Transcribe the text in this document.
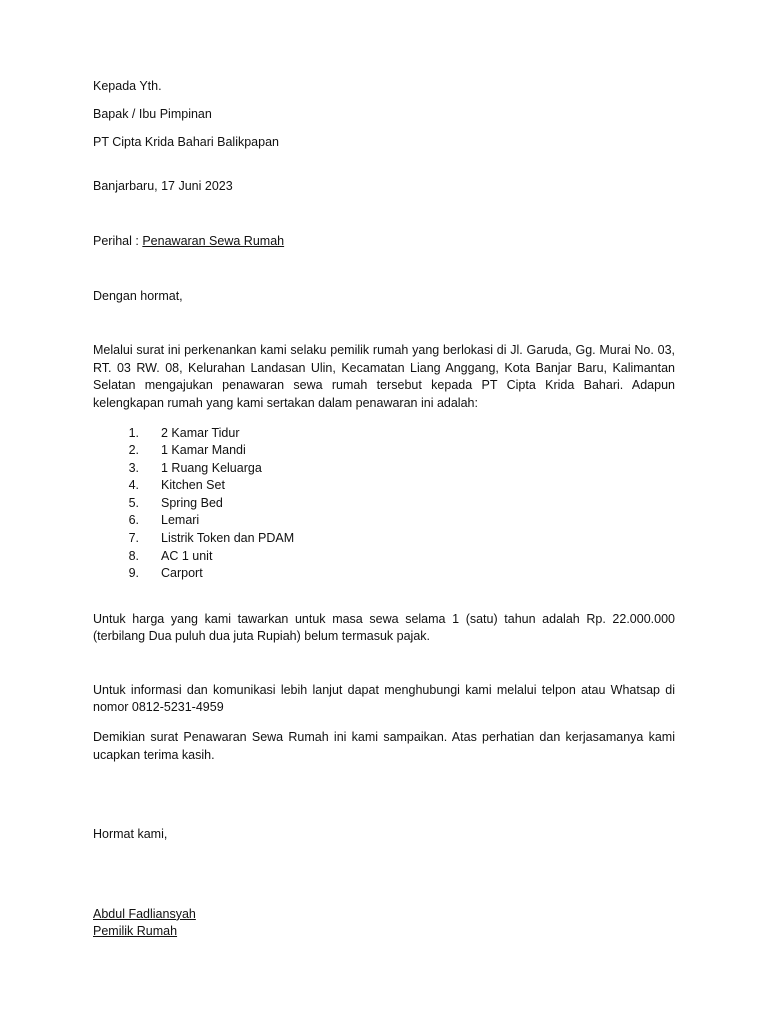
Kepada Yth.

Bapak / Ibu Pimpinan

PT Cipta Krida Bahari Balikpapan

Banjarbaru, 17 Juni 2023

Perihal : Penawaran Sewa Rumah

Dengan hormat,

Melalui surat ini perkenankan kami selaku pemilik rumah yang berlokasi di Jl. Garuda, Gg. Murai No. 03, RT. 03 RW. 08, Kelurahan Landasan Ulin, Kecamatan Liang Anggang, Kota Banjar Baru, Kalimantan Selatan mengajukan penawaran sewa rumah tersebut kepada PT Cipta Krida Bahari. Adapun kelengkapan rumah yang kami sertakan dalam penawaran ini adalah:

1. 2 Kamar Tidur
2. 1 Kamar Mandi
3. 1 Ruang Keluarga
4. Kitchen Set
5. Spring Bed
6. Lemari
7. Listrik Token dan PDAM
8. AC 1 unit
9. Carport

Untuk harga yang kami tawarkan untuk masa sewa selama 1 (satu) tahun adalah Rp. 22.000.000 (terbilang Dua puluh dua juta Rupiah) belum termasuk pajak.

Untuk informasi dan komunikasi lebih lanjut dapat menghubungi kami melalui telpon atau Whatsap di nomor 0812-5231-4959

Demikian surat Penawaran Sewa Rumah ini kami sampaikan. Atas perhatian dan kerjasamanya kami ucapkan terima kasih.

Hormat kami,

Abdul Fadliansyah

Pemilik Rumah
